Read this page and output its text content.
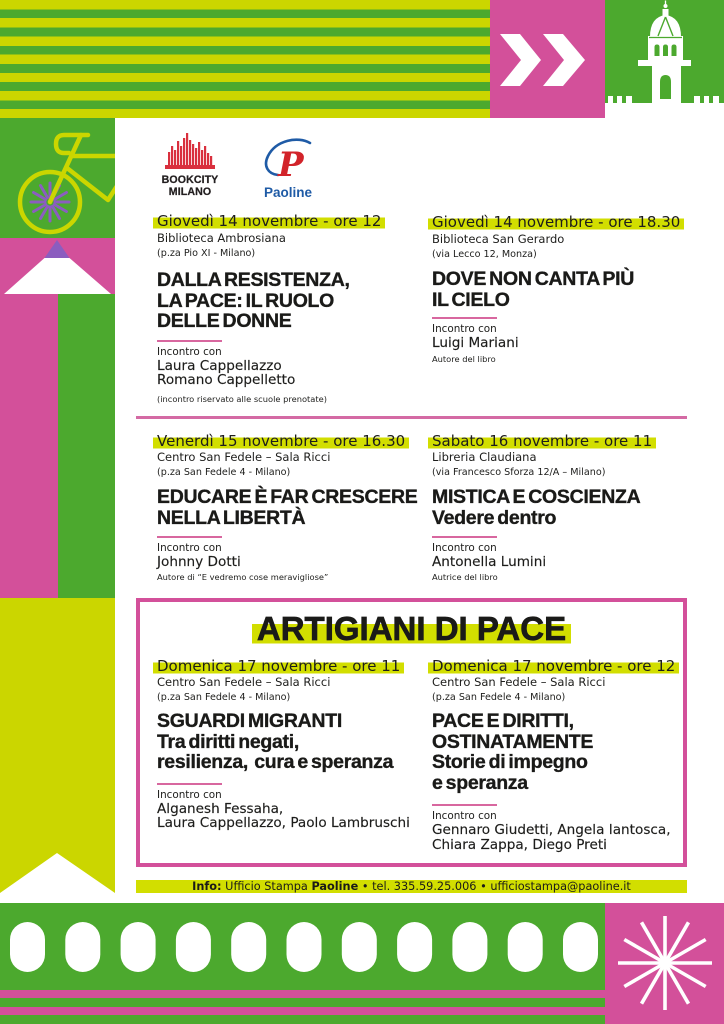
BOOKCITY
MILANO
P
Paoline
Giovedì 14 novembre - ore 12
Biblioteca Ambrosiana
(p.za Pio XI - Milano)
DALLA RESISTENZA,
LA PACE: IL RUOLO
DELLE DONNE
Incontro con
Laura Cappellazzo
Romano Cappelletto
(incontro riservato alle scuole prenotate)
Giovedì 14 novembre - ore 18.30
Biblioteca San Gerardo
(via Lecco 12, Monza)
DOVE NON CANTA PIÙ
IL CIELO
Incontro con
Luigi Mariani
Autore del libro
Venerdì 15 novembre - ore 16.30
Centro San Fedele – Sala Ricci
(p.za San Fedele 4 - Milano)
EDUCARE È FAR CRESCERE
NELLA LIBERTÀ
Incontro con
Johnny Dotti
Autore di “E vedremo cose meravigliose”
Sabato 16 novembre - ore 11
Libreria Claudiana
(via Francesco Sforza 12/A – Milano)
MISTICA E COSCIENZA
Vedere dentro
Incontro con
Antonella Lumini
Autrice del libro
ARTIGIANI DI PACE
Domenica 17 novembre - ore 11
Centro San Fedele – Sala Ricci
(p.za San Fedele 4 - Milano)
SGUARDI MIGRANTI
Tra diritti negati,
resilienza,  cura e speranza
Incontro con
Alganesh Fessaha,
Laura Cappellazzo, Paolo Lambruschi
Domenica 17 novembre - ore 12
Centro San Fedele – Sala Ricci
(p.za San Fedele 4 - Milano)
PACE E DIRITTI,
OSTINATAMENTE
Storie di impegno
e speranza
Incontro con
Gennaro Giudetti, Angela Iantosca,
Chiara Zappa, Diego Preti
Info: Ufficio Stampa Paoline • tel. 335.59.25.006 • ufficiostampa@paoline.it
